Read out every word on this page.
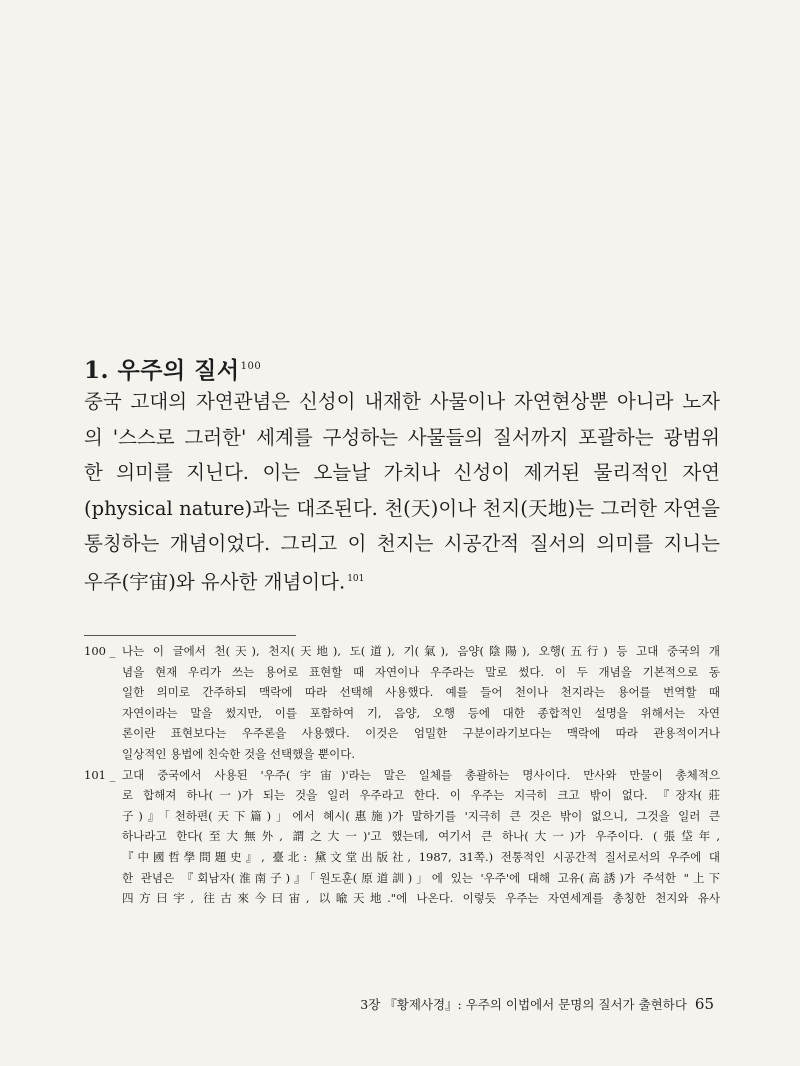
1. 우주의 질서$^{100}$
중국 고대의 자연관념은 신성이 내재한 사물이나 자연현상뿐 아니라 노자
의 '스스로 그러한' 세계를 구성하는 사물들의 질서까지 포괄하는 광범위
한 의미를 지닌다. 이는 오늘날 가치나 신성이 제거된 물리적인 자연
(physical nature)과는 대조된다. 천(天)이나 천지(天地)는 그러한 자연을
통칭하는 개념이었다. 그리고 이 천지는 시공간적 질서의 의미를 지니는
우주(宇宙)와 유사한 개념이다. $^{101}$
100 _ 나는 이 글에서 천(天), 천지(天地), 도(道), 기(氣), 음양(陰陽), 오행(五行) 등 고대 중국의 개
념을 현재 우리가 쓰는 용어로 표현할 때 자연이나 우주라는 말로 썼다. 이 두 개념을 기본적으로 동
일한 의미로 간주하되 맥락에 따라 선택해 사용했다. 예를 들어 천이나 천지라는 용어를 번역할 때
자연이라는 말을 썼지만, 이를 포함하여 기, 음양, 오행 등에 대한 종합적인 설명을 위해서는 자연
론이란 표현보다는 우주론을 사용했다. 이것은 엄밀한 구분이라기보다는 맥락에 따라 관용적이거나
일상적인 용법에 친숙한 것을 선택했을 뿐이다.
101 _ 고대 중국에서 사용된 '우주(宇宙)'라는 말은 일체를 총괄하는 명사이다. 만사와 만물이 총체적으
로 합해져 하나(一)가 되는 것을 일러 우주라고 한다. 이 우주는 지극히 크고 밖이 없다. 『장자(莊
子)』「천하편(天下篇)」에서 혜시(惠施)가 말하기를 '지극히 큰 것은 밖이 없으니, 그것을 일러 큰
하나라고 한다(至大無外, 謂之大一)'고 했는데, 여기서 큰 하나(大一)가 우주이다. (張垈年,
『中國哲學問題史』, 臺北: 黛文堂出版社, 1987, 31쪽.) 전통적인 시공간적 질서로서의 우주에 대
한 관념은 『회남자(淮南子)』「원도훈(原道訓)」에 있는 '우주'에 대해 고유(高誘)가 주석한 "上下
四方曰宇, 往古來今曰宙, 以喩天地."에 나온다. 이렇듯 우주는 자연세계를 총칭한 천지와 유사
3장 『황제사경』: 우주의 이법에서 문명의 질서가 출현하다 65
